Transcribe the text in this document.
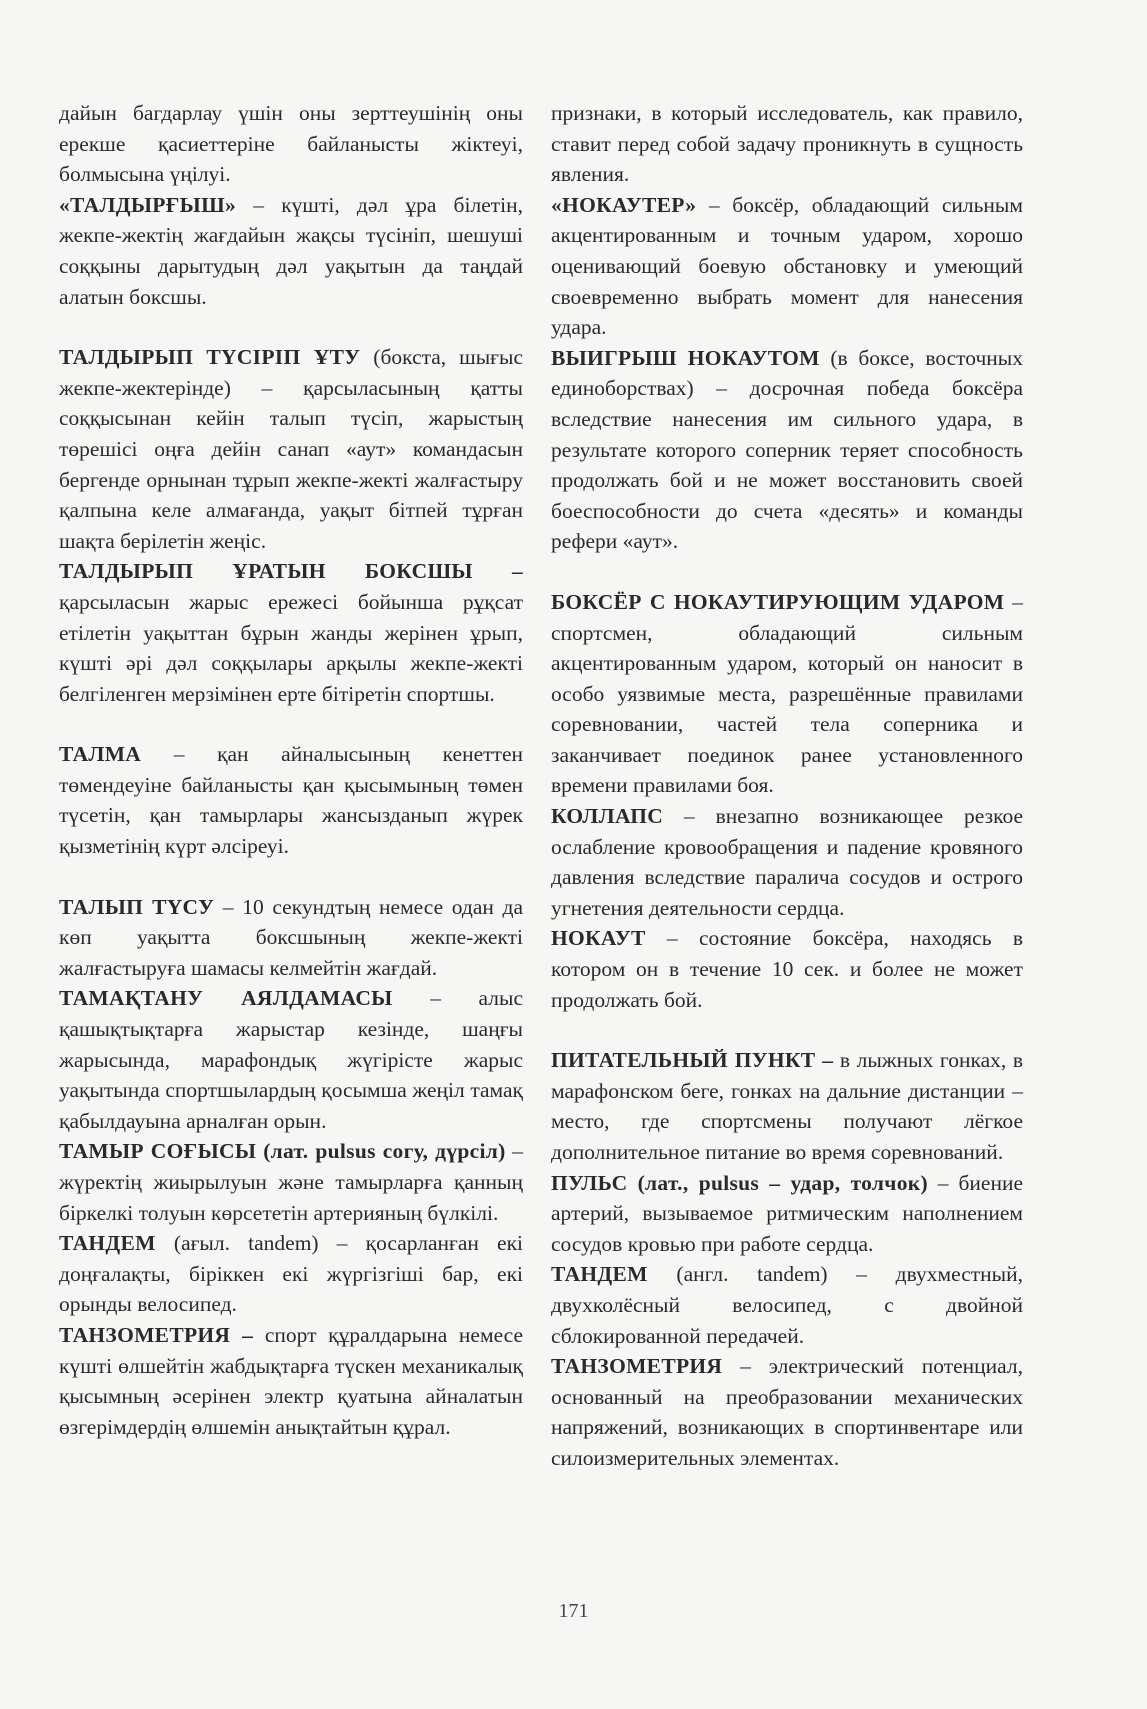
дайын багдарлау үшін оны зерттеушінің оны ерекше қасиеттеріне байланысты жіктеуі, болмысына үңілуі.

«ТАЛДЫРҒЫШ» – күшті, дәл ұра білетін, жекпе-жектің жағдайын жақсы түсініп, шешуші соққыны дарытудың дәл уақытын да таңдай алатын боксшы.

ТАЛДЫРЫП ТҮСІРІП ҰТУ (бокста, шығыс жекпе-жектерінде) – қарсыласының қатты соққысынан кейін талып түсіп, жарыстың төрешісі оңға дейін санап «аут» командасын бергенде орнынан тұрып жекпе-жекті жалғастыру қалпына келе алмағанда, уақыт бітпей тұрған шақта берілетін жеңіс.

ТАЛДЫРЫП ҰРАТЫН БОКСШЫ – қарсыласын жарыс ережесі бойынша рұқсат етілетін уақыттан бұрын жанды жерінен ұрып, күшті әрі дәл соққылары арқылы жекпе-жекті белгіленген мерзімінен ерте бітіретін спортшы.

ТАЛМА – қан айналысының кенеттен төмендеуіне байланысты қан қысымының төмен түсетін, қан тамырлары жансызданып жүрек қызметінің күрт әлсіреуі.

ТАЛЫП ТҮСУ – 10 секундтың немесе одан да көп уақытта боксшының жекпе-жекті жалғастыруға шамасы келмейтін жағдай.

ТАМАҚТАНУ АЯЛДАМАСЫ – алыс қашықтықтарға жарыстар кезінде, шаңғы жарысында, марафондық жүгірісте жарыс уақытында спортшылардың қосымша жеңіл тамақ қабылдауына арналған орын.

ТАМЫР СОҒЫСЫ (лат. pulsus coгу, дүрсіл) – жүректің жиырылуын және тамырларға қанның біркелкі толуын көрсететін артерияның бүлкілі.

ТАНДЕМ (ағыл. tandem) – қосарланған екі доңғалақты, біріккен екі жүргізгіші бар, екі орынды велосипед.

ТАНЗОМЕТРИЯ – спорт құралдарына немесе күшті өлшейтін жабдықтарға түскен механикалық қысымның әсерінен электр қуатына айналатын өзгерімдердің өлшемін анықтайтын құрал.

признаки, в который исследователь, как правило, ставит перед собой задачу проникнуть в сущность явления.

«НОКАУТЕР» – боксёр, обладающий сильным акцентированным и точным ударом, хорошо оценивающий боевую обстановку и умеющий своевременно выбрать момент для нанесения удара.

ВЫИГРЫШ НОКАУТОМ (в боксе, восточных единоборствах) – досрочная победа боксёра вследствие нанесения им сильного удара, в результате которого соперник теряет способность продолжать бой и не может восстановить своей боеспособности до счета «десять» и команды рефери «аут».

БОКСЁР С НОКАУТИРУЮЩИМ УДАРОМ – спортсмен, обладающий сильным акцентированным ударом, который он наносит в особо уязвимые места, разрешённые правилами соревновании, частей тела соперника и заканчивает поединок ранее установленного времени правилами боя.

КОЛЛАПС – внезапно возникающее резкое ослабление кровообращения и падение кровяного давления вследствие паралича сосудов и острого угнетения деятельности сердца.

НОКАУТ – состояние боксёра, находясь в котором он в течение 10 сек. и более не может продолжать бой.

ПИТАТЕЛЬНЫЙ ПУНКТ – в лыжных гонках, в марафонском беге, гонках на дальние дистанции – место, где спортсмены получают лёгкое дополнительное питание во время соревнований.

ПУЛЬС (лат., pulsus – удар, толчок) – биение артерий, вызываемое ритмическим наполнением сосудов кровью при работе сердца.

ТАНДЕМ (англ. tandem) – двухместный, двухколёсный велосипед, с двойной сблокированной передачей.

ТАНЗОМЕТРИЯ – электрический потенциал, основанный на преобразовании механических напряжений, возникающих в спортинвентаре или силоизмерительных элементах.

171
